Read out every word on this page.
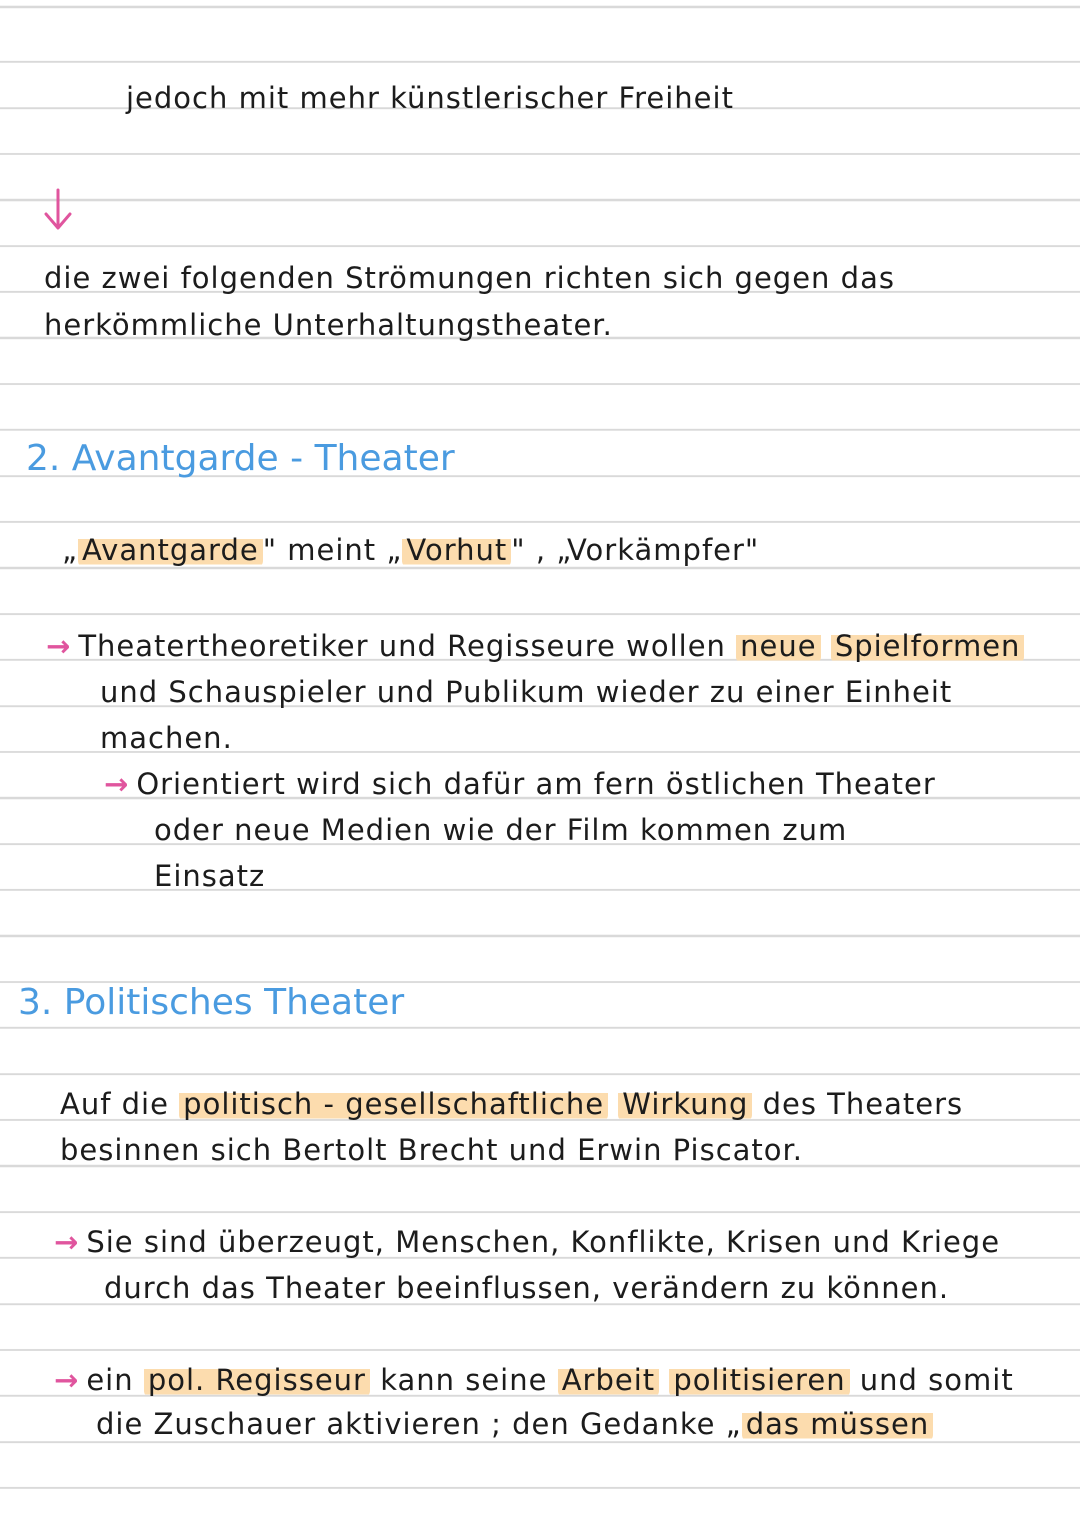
jedoch mit mehr künstlerischer Freiheit
die zwei folgenden Strömungen richten sich gegen das
herkömmliche Unterhaltungstheater.
2. Avantgarde - Theater
„ Avantgarde " meint „ Vorhut " , „Vorkämpfer"
→ Theatertheoretiker und Regisseure wollen neue Spielformen
und Schauspieler und Publikum wieder zu einer Einheit
machen.
→ Orientiert wird sich dafür am fern östlichen Theater
oder neue Medien wie der Film kommen zum
Einsatz
3. Politisches Theater
Auf die politisch - gesellschaftliche Wirkung des Theaters
besinnen sich Bertolt Brecht und Erwin Piscator.
→ Sie sind überzeugt, Menschen, Konflikte, Krisen und Kriege
durch das Theater beeinflussen, verändern zu können.
→ ein pol. Regisseur kann seine Arbeit politisieren und somit
die Zuschauer aktivieren ; den Gedanke „ das müssen
